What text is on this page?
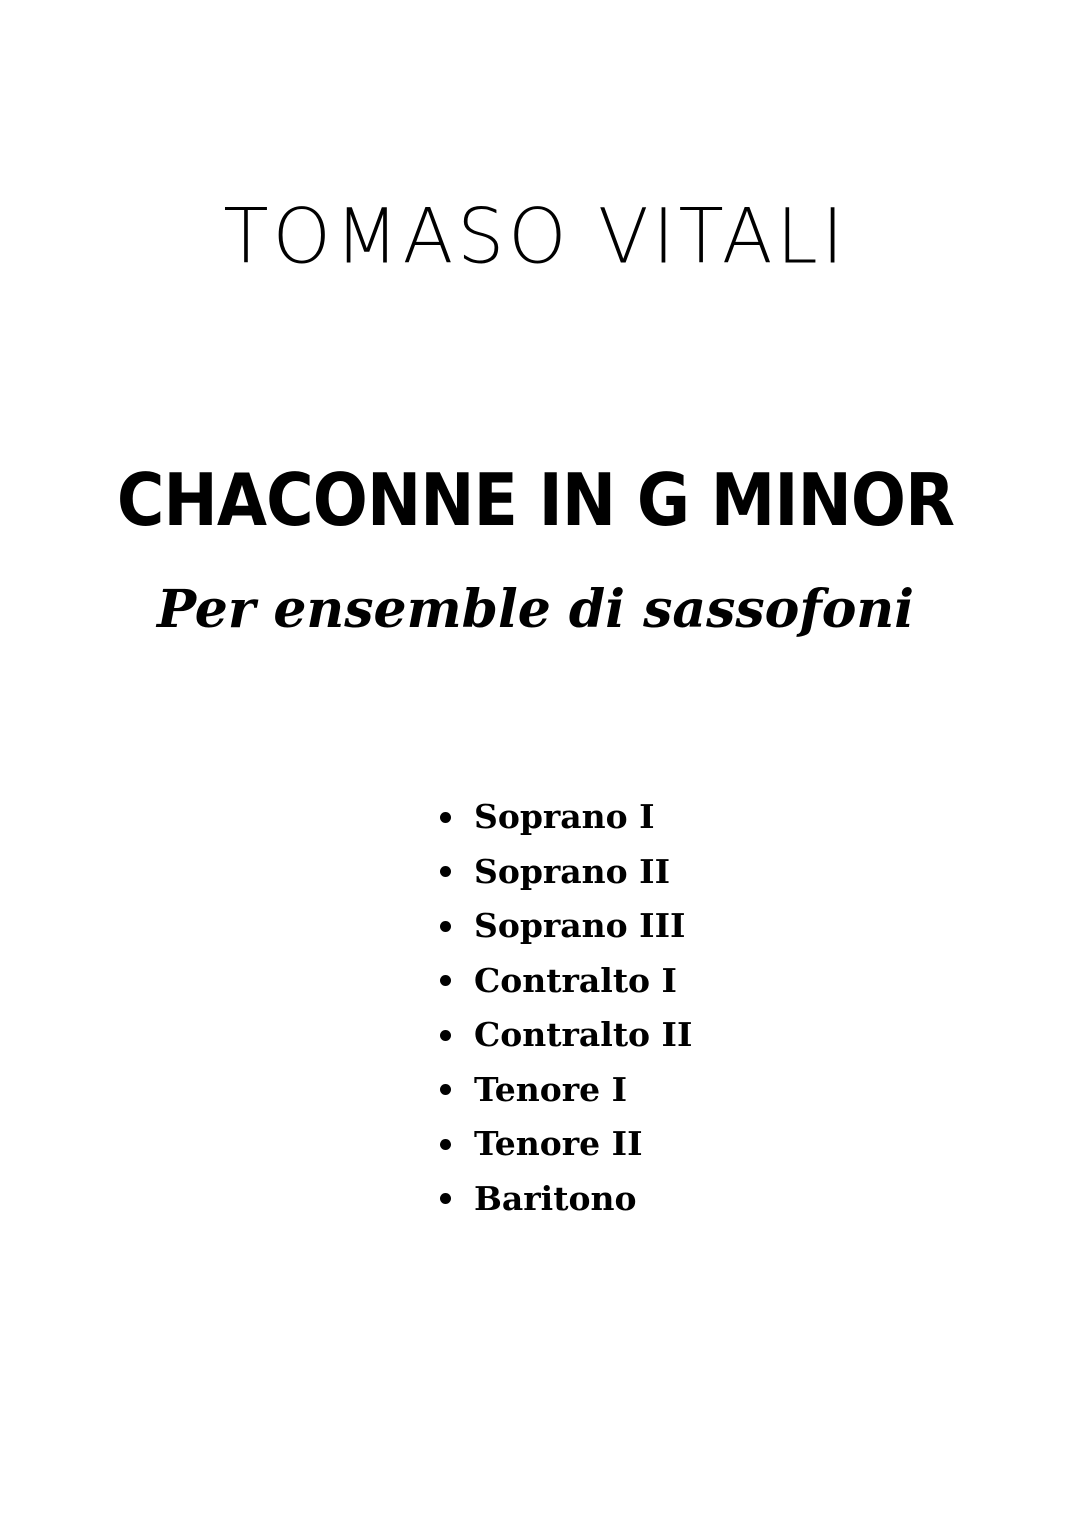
TOMASO VITALI
CHACONNE IN G MINOR
Per ensemble di sassofoni
Soprano I
Soprano II
Soprano III
Contralto I
Contralto II
Tenore I
Tenore II
Baritono
